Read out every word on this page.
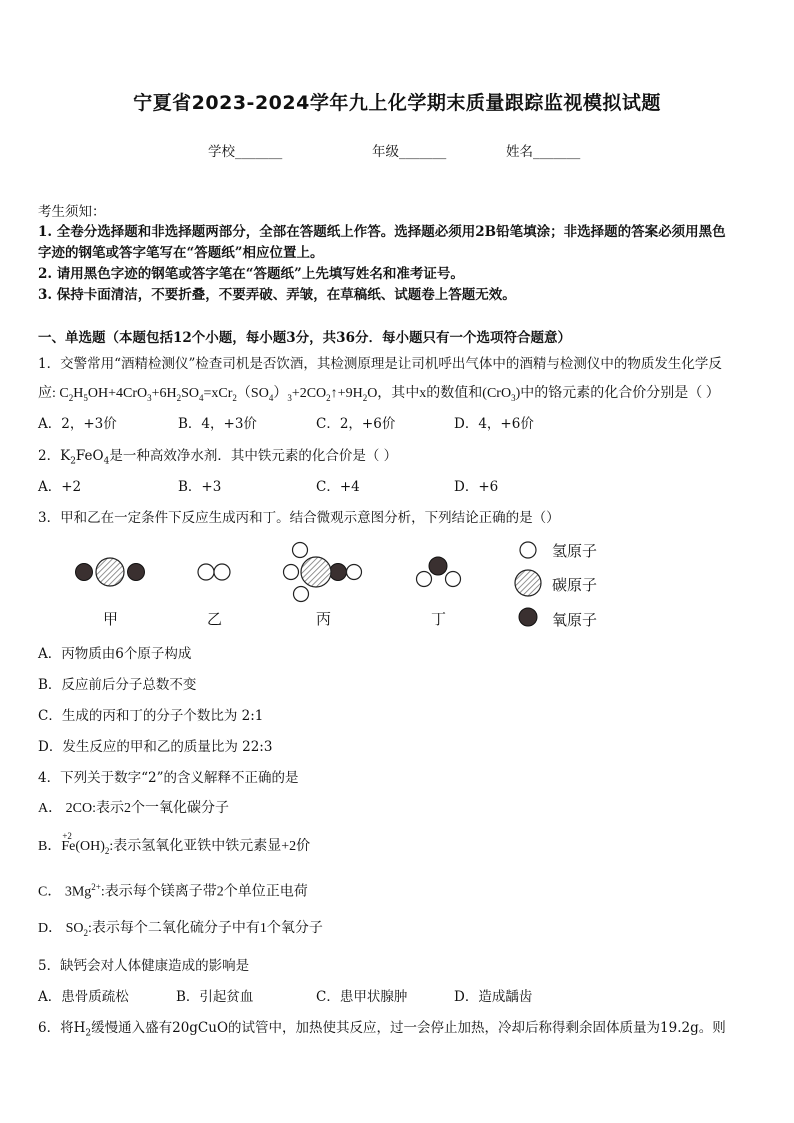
宁夏省2023-2024学年九上化学期末质量跟踪监视模拟试题
学校_______	年级_______	姓名_______
考生须知：
1. 全卷分选择题和非选择题两部分，全部在答题纸上作答。选择题必须用2B铅笔填涂；非选择题的答案必须用黑色
字迹的钢笔或答字笔写在“答题纸”相应位置上。
2. 请用黑色字迹的钢笔或答字笔在“答题纸”上先填写姓名和准考证号。
3. 保持卡面清洁，不要折叠，不要弄破、弄皱，在草稿纸、试题卷上答题无效。
一、单选题（本题包括12个小题，每小题3分，共36分．每小题只有一个选项符合题意）
1．交警常用“酒精检测仪”检查司机是否饮酒，其检测原理是让司机呼出气体中的酒精与检测仪中的物质发生化学反
应: $C_2H_5OH+4CrO_3+6H_2SO_4=xCr_2(SO_4)_3+2CO_2↑+9H_2O$，其中x的数值和(CrO$_3$)中的铬元素的化合价分别是（ ）
A．2，+3价	B．4，+3价	C．2，+6价	D．4，+6价
2．$K_2FeO_4$是一种高效净水剂．其中铁元素的化合价是（ ）
A．+2	B．+3	C．+4	D．+6
3．甲和乙在一定条件下反应生成丙和丁。结合微观示意图分析，下列结论正确的是（）
氢原子
碳原子
氧原子
甲	乙	丙	丁
A．丙物质由6个原子构成
B．反应前后分子总数不变
C．生成的丙和丁的分子个数比为 2:1
D．发生反应的甲和乙的质量比为 22:3
4．下列关于数字“2”的含义解释不正确的是
A． 2CO:表示2个一氧化碳分子
B．
+2
$Fe(OH)_2$:表示氢氧化亚铁中铁元素显+2价
C． $3Mg^{2+}$:表示每个镁离子带2个单位正电荷
D． $SO_2$:表示每个二氧化硫分子中有1个氧分子
5．缺钙会对人体健康造成的影响是
A．患骨质疏松	B．引起贫血	C．患甲状腺肿	D．造成龋齿
6．将$H_2$缓慢通入盛有20gCuO的试管中，加热使其反应，过一会停止加热，冷却后称得剩余固体质量为19.2g。则
